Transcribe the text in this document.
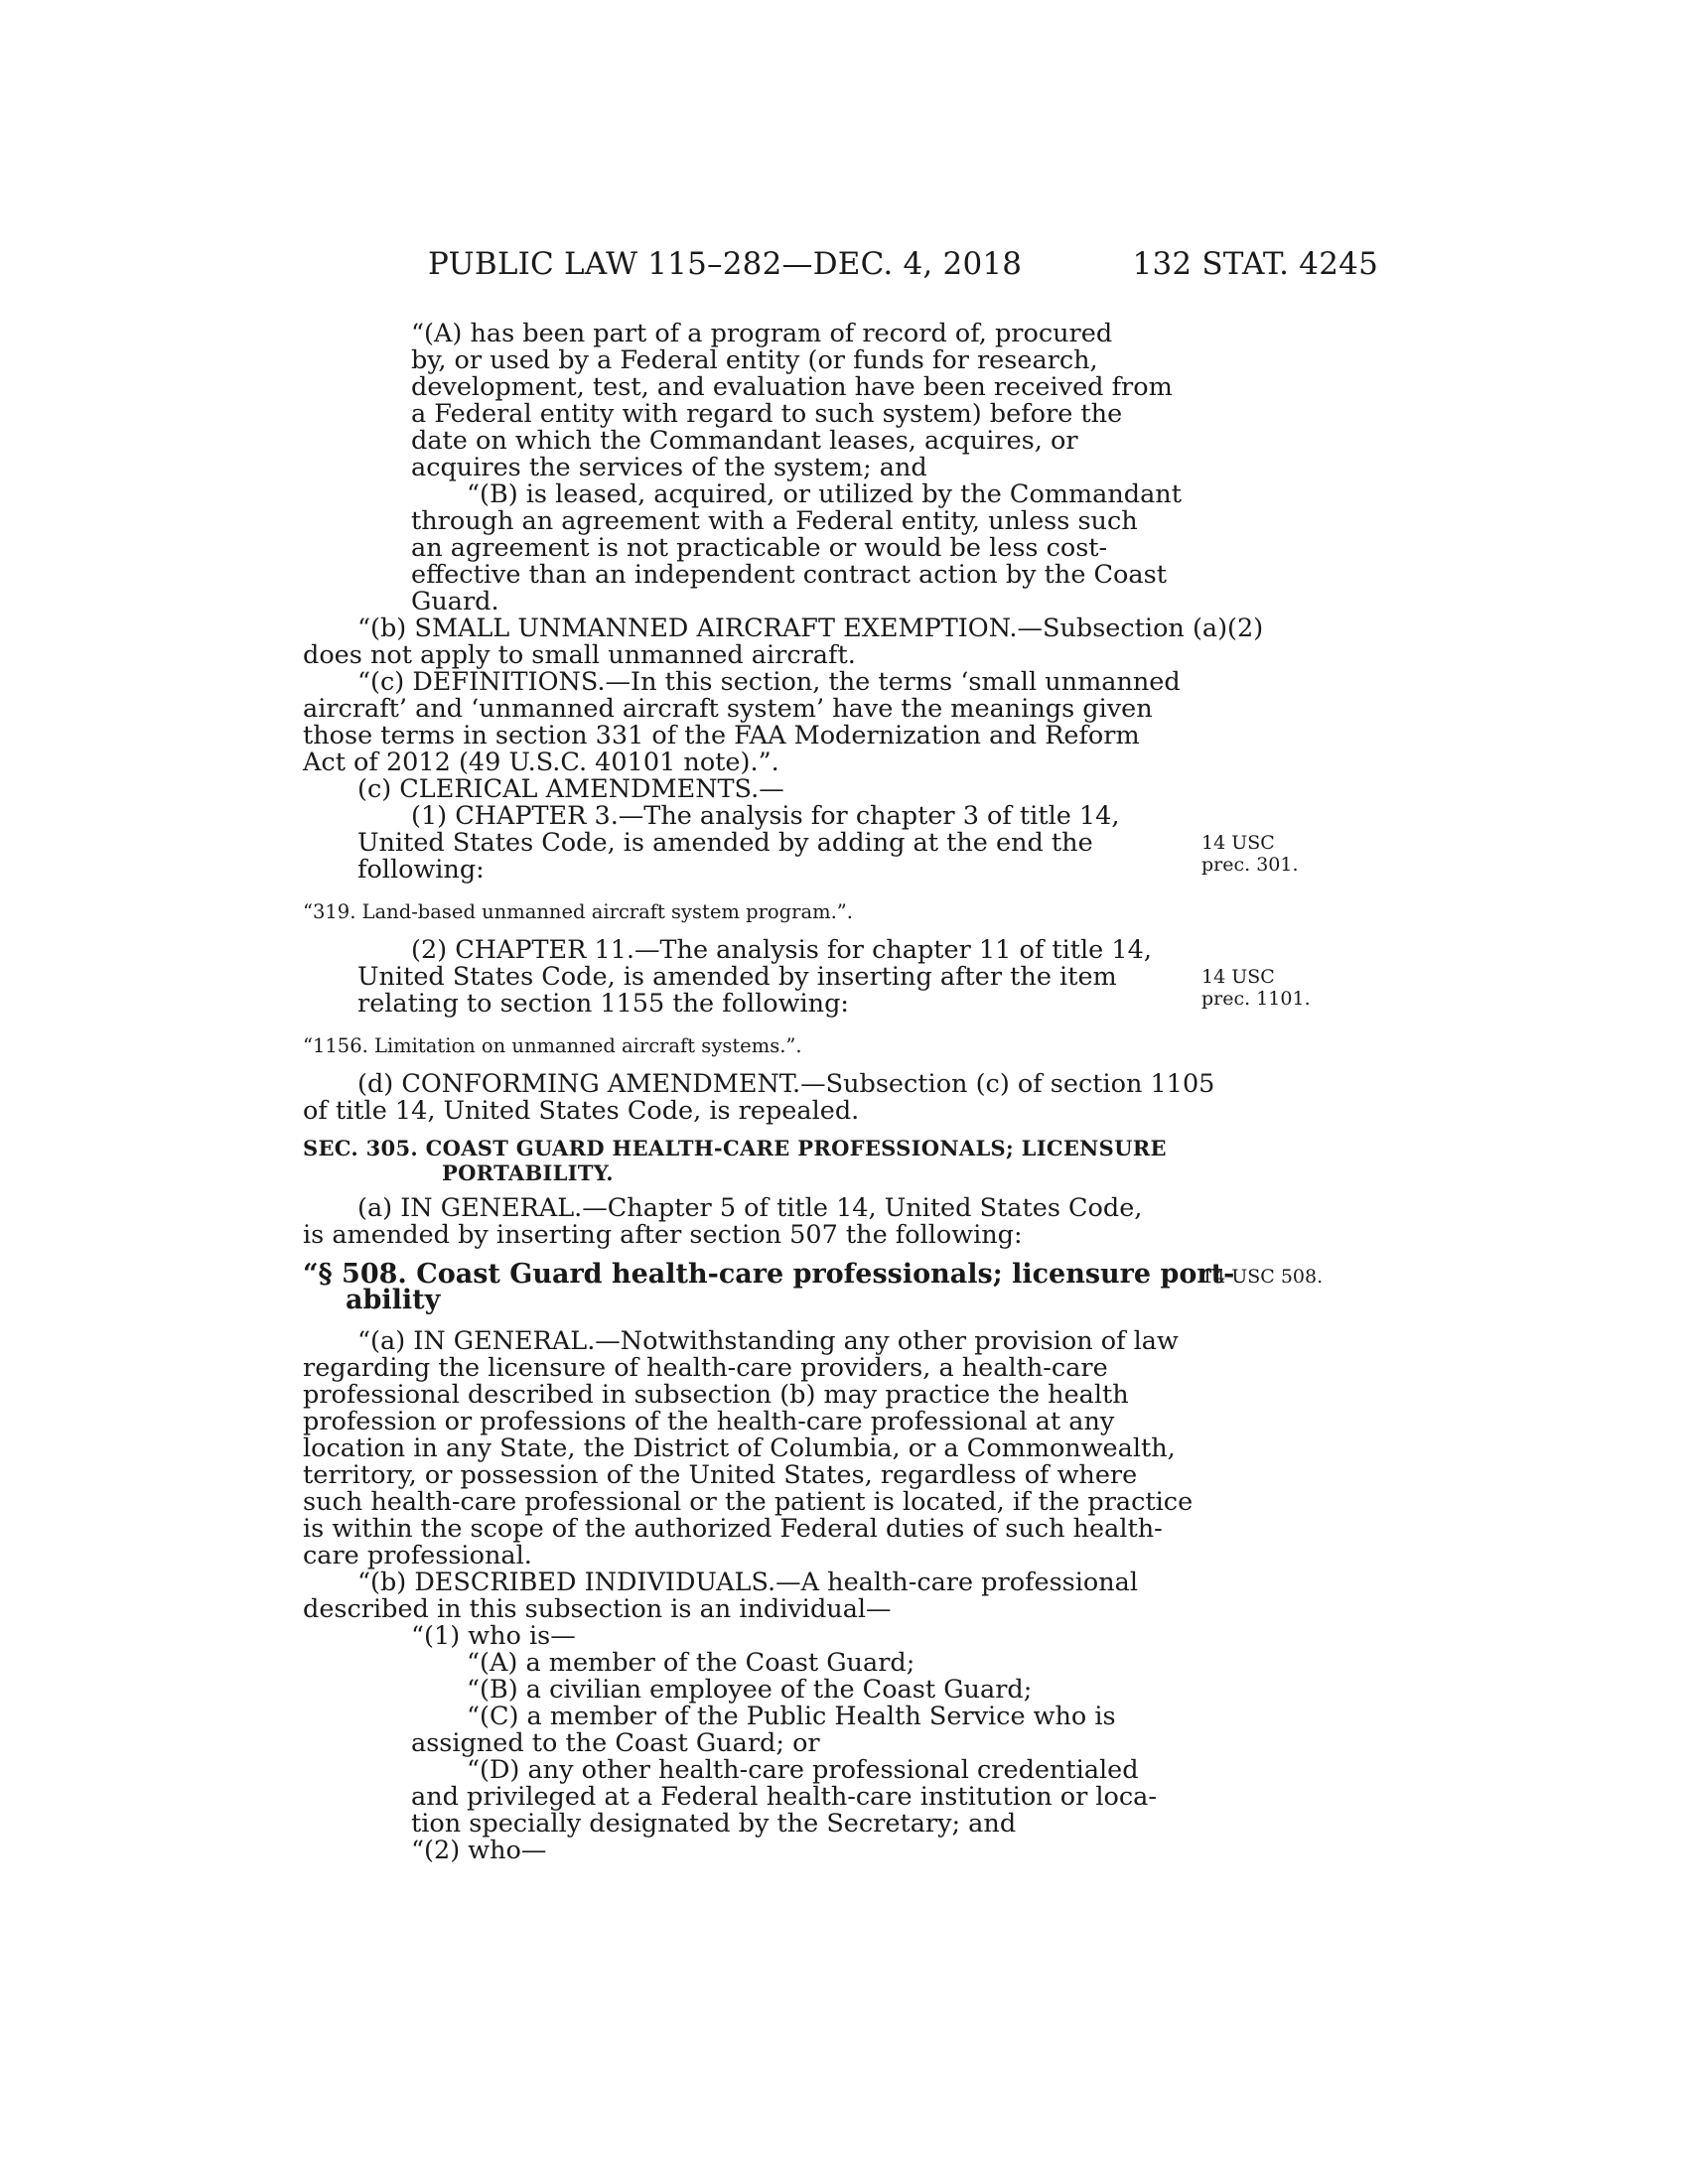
PUBLIC LAW 115–282—DEC. 4, 2018	132 STAT. 4245
“(A) has been part of a program of record of, procured
by, or used by a Federal entity (or funds for research,
development, test, and evaluation have been received from
a Federal entity with regard to such system) before the
date on which the Commandant leases, acquires, or
acquires the services of the system; and
“(B) is leased, acquired, or utilized by the Commandant
through an agreement with a Federal entity, unless such
an agreement is not practicable or would be less cost-
effective than an independent contract action by the Coast
Guard.
“(b) SMALL UNMANNED AIRCRAFT EXEMPTION.—Subsection (a)(2)
does not apply to small unmanned aircraft.
“(c) DEFINITIONS.—In this section, the terms ‘small unmanned
aircraft’ and ‘unmanned aircraft system’ have the meanings given
those terms in section 331 of the FAA Modernization and Reform
Act of 2012 (49 U.S.C. 40101 note).”.
(c) CLERICAL AMENDMENTS.—
(1) CHAPTER 3.—The analysis for chapter 3 of title 14,
United States Code, is amended by adding at the end the
following:
“319. Land-based unmanned aircraft system program.”.
(2) CHAPTER 11.—The analysis for chapter 11 of title 14,
United States Code, is amended by inserting after the item
relating to section 1155 the following:
“1156. Limitation on unmanned aircraft systems.”.
(d) CONFORMING AMENDMENT.—Subsection (c) of section 1105
of title 14, United States Code, is repealed.
SEC. 305. COAST GUARD HEALTH-CARE PROFESSIONALS; LICENSURE
PORTABILITY.
(a) IN GENERAL.—Chapter 5 of title 14, United States Code,
is amended by inserting after section 507 the following:
“§ 508. Coast Guard health-care professionals; licensure port-
ability
“(a) IN GENERAL.—Notwithstanding any other provision of law
regarding the licensure of health-care providers, a health-care
professional described in subsection (b) may practice the health
profession or professions of the health-care professional at any
location in any State, the District of Columbia, or a Commonwealth,
territory, or possession of the United States, regardless of where
such health-care professional or the patient is located, if the practice
is within the scope of the authorized Federal duties of such health-
care professional.
“(b) DESCRIBED INDIVIDUALS.—A health-care professional
described in this subsection is an individual—
“(1) who is—
“(A) a member of the Coast Guard;
“(B) a civilian employee of the Coast Guard;
“(C) a member of the Public Health Service who is
assigned to the Coast Guard; or
“(D) any other health-care professional credentialed
and privileged at a Federal health-care institution or loca-
tion specially designated by the Secretary; and
“(2) who—
14 USC
prec. 301.
14 USC
prec. 1101.
14 USC 508.
